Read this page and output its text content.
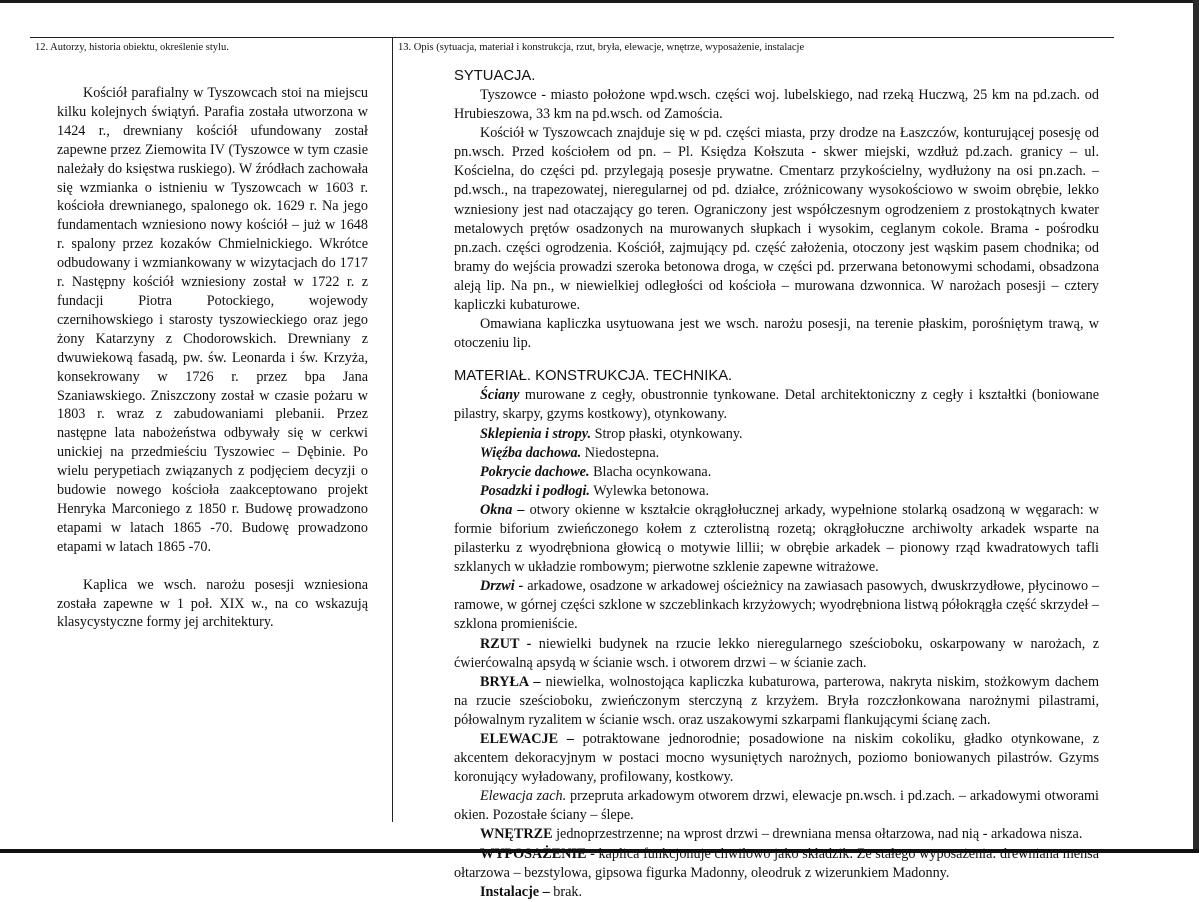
12. Autorzy, historia obiektu, określenie stylu.	13. Opis (sytuacja, materiał i konstrukcja, rzut, bryła, elewacje, wnętrze, wyposażenie, instalacje

Kościół parafialny w Tyszowcach stoi na miejscu kilku kolejnych świątyń. Parafia została utworzona w 1424 r., drewniany kościół ufundowany został zapewne przez Ziemowita IV (Tyszowce w tym czasie należały do księstwa ruskiego). W źródłach zachowała się wzmianka o istnieniu w Tyszowcach w 1603 r. kościoła drewnianego, spalonego ok. 1629 r. Na jego fundamentach wzniesiono nowy kościół – już w 1648 r. spalony przez kozaków Chmielnickiego. Wkrótce odbudowany i wzmiankowany w wizytacjach do 1717 r. Następny kościół wzniesiony został w 1722 r. z fundacji Piotra Potockiego, wojewody czernihowskiego i starosty tyszowieckiego oraz jego żony Katarzyny z Chodorowskich. Drewniany z dwuwiekową fasadą, pw. św. Leonarda i św. Krzyża, konsekrowany w 1726 r. przez bpa Jana Szaniawskiego. Zniszczony został w czasie pożaru w 1803 r. wraz z zabudowaniami plebanii. Przez następne lata nabożeństwa odbywały się w cerkwi unickiej na przedmieściu Tyszowiec – Dębinie. Po wielu perypetiach związanych z podjęciem decyzji o budowie nowego kościoła zaakceptowano projekt Henryka Marconiego z 1850 r. Budowę prowadzono etapami w latach 1865 -70. Budowę prowadzono etapami w latach 1865 -70.

Kaplica we wsch. narożu posesji wzniesiona została zapewne w 1 poł. XIX w., na co wskazują klasycystyczne formy jej architektury.

SYTUACJA.

Tyszowce - miasto położone wpd.wsch. części woj. lubelskiego, nad rzeką Huczwą, 25 km na pd.zach. od Hrubieszowa, 33 km na pd.wsch. od Zamościa.

Kościół w Tyszowcach znajduje się w pd. części miasta, przy drodze na Łaszczów, konturującej posesję od pn.wsch. Przed kościołem od pn. – Pl. Księdza Kołszuta - skwer miejski, wzdłuż pd.zach. granicy – ul. Kościelna, do części pd. przylegają posesje prywatne. Cmentarz przykościelny, wydłużony na osi pn.zach. – pd.wsch., na trapezowatej, nieregularnej od pd. działce, zróżnicowany wysokościowo w swoim obrębie, lekko wzniesiony jest nad otaczający go teren. Ograniczony jest współczesnym ogrodzeniem z prostokątnych kwater metalowych prętów osadzonych na murowanych słupkach i wysokim, ceglanym cokole. Brama - pośrodku pn.zach. części ogrodzenia. Kościół, zajmujący pd. część założenia, otoczony jest wąskim pasem chodnika; od bramy do wejścia prowadzi szeroka betonowa droga, w części pd. przerwana betonowymi schodami, obsadzona aleją lip. Na pn., w niewielkiej odległości od kościoła – murowana dzwonnica. W narożach posesji – cztery kapliczki kubaturowe.

Omawiana kapliczka usytuowana jest we wsch. narożu posesji, na terenie płaskim, porośniętym trawą, w otoczeniu lip.

MATERIAŁ. KONSTRUKCJA. TECHNIKA.

Ściany murowane z cegły, obustronnie tynkowane. Detal architektoniczny z cegły i kształtki (boniowane pilastry, skarpy, gzyms kostkowy), otynkowany.

Sklepienia i stropy. Strop płaski, otynkowany.

Więźba dachowa. Niedostepna.

Pokrycie dachowe. Blacha ocynkowana.

Posadzki i podłogi. Wylewka betonowa.

Okna – otwory okienne w kształcie okrągłołucznej arkady, wypełnione stolarką osadzoną w węgarach: w formie biforium zwieńczonego kołem z czterolistną rozetą; okrągłołuczne archiwolty arkadek wsparte na pilasterku z wyodrębniona głowicą o motywie lillii; w obrębie arkadek – pionowy rząd kwadratowych tafli szklanych w układzie rombowym; pierwotne szklenie zapewne witrażowe.

Drzwi - arkadowe, osadzone w arkadowej ościeżnicy na zawiasach pasowych, dwuskrzydłowe, płycinowo – ramowe, w górnej części szklone w szczeblinkach krzyżowych; wyodrębniona listwą półokrągła część skrzydeł – szklona promieniście.

RZUT - niewielki budynek na rzucie lekko nieregularnego sześcioboku, oskarpowany w narożach, z ćwierćowalną apsydą w ścianie wsch. i otworem drzwi – w ścianie zach.

BRYŁA – niewielka, wolnostojąca kapliczka kubaturowa, parterowa, nakryta niskim, stożkowym dachem na rzucie sześcioboku, zwieńczonym sterczyną z krzyżem. Bryła rozczłonkowana narożnymi pilastrami, półowalnym ryzalitem w ścianie wsch. oraz uszakowymi szkarpami flankującymi ścianę zach.

ELEWACJE – potraktowane jednorodnie; posadowione na niskim cokoliku, gładko otynkowane, z akcentem dekoracyjnym w postaci mocno wysuniętych narożnych, poziomo boniowanych pilastrów. Gzyms koronujący wyładowany, profilowany, kostkowy.

Elewacja zach. przepruta arkadowym otworem drzwi, elewacje pn.wsch. i pd.zach. – arkadowymi otworami okien. Pozostałe ściany – ślepe.

WNĘTRZE jednoprzestrzenne; na wprost drzwi – drewniana mensa ołtarzowa, nad nią - arkadowa nisza.

WYPOSAŻENIE - kaplica funkcjonuje chwilowo jako składzik. Ze stałego wyposażenia: drewniana mensa ołtarzowa – bezstylowa, gipsowa figurka Madonny, oleodruk z wizerunkiem Madonny.

Instalacje – brak.
